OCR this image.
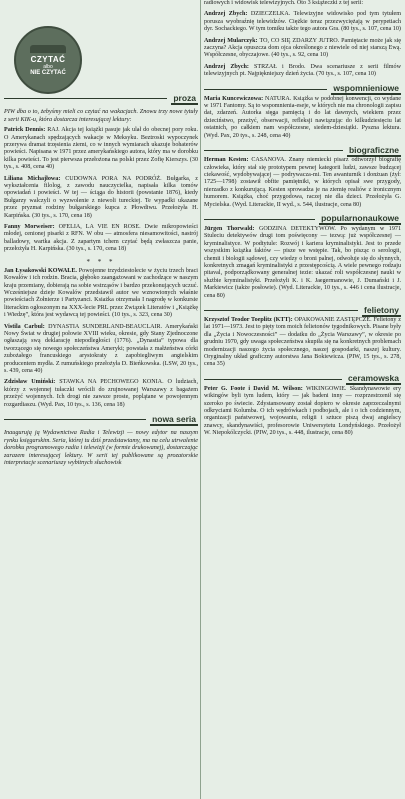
CZYTAĆ
albo
NIE CZYTAĆ
proza

PIW dba o to, żebyśmy mieli co czytać na wakacjach. Znowu trzy nowe tytuły z serii KIK-u, która dostarcza interesującej lektury:

Patrick Dennis: RAJ. Akcja tej książki pasuje jak ulał do obecnej pory roku. O Amerykanach spędzających wakacje w Meksyku. Beztroski wypoczynek przerywa dramat trzęsienia ziemi, co w innych wymiarach ukazuje bohaterów powieści. Napisana w 1971 przez amerykańskiego autora, który ma w dorobku kilka powieści. To jest pierwsza przełożona na polski przez Zofię Kierszys. (30 tys., s. 408, cena 40)

Liliana Michajłowa: CUDOWNA PORA NA PODRÓŻ. Bułgarka, z wykształcenia filolog, z zawodu nauczycielka, napisała kilka tomów opowiadań i powieści. W tej — ściąga do historii (powstanie 1876), kiedy Bułgarzy walczyli o wyzwolenie z niewoli tureckiej. Te wypadki ukazane przez pryzmat rodziny bułgarskiego kupca z Płowdiwu. Przełożyła H. Karpińska. (30 tys., s. 170, cena 18)

Fanny Morweiser: OFELIA, LA VIE EN ROSE. Dwie mikropowieści młodej, cenionej pisarki z RFN. W obu — atmosfera niesamowitości, nastrój balladowy, wartka akcja. Z zapartym tchem czytać będą zwłaszcza panie, przełożyła H. Karpińska. (30 tys., s. 170, cena 18)

* * *

Jan Łysakowski KOWALE. Powojenne trzydziestolecie w życiu trzech braci Kowalów i ich rodzin. Bracia, głęboko zaangażowani w zachodzące w naszym kraju przemiany, dobierają na sobie wstrząsów i bardzo przekonujących uczuć. Wcześniejsze dzieje Kowalów przedstawił autor we wznowionych właśnie powieściach Żołnierze i Partyzanci. Ksiażka otrzymała I nagrodę w konkursie literackim ogłoszonym na XXX-lecie PRL przez Związek Literatów i „Książkę i Wiedzę”, która jest wydawcą tej powieści. (10 tys., s. 323, cena 30)

Vistila Carbul: DYNASTIA SUNDERLAND-BEAUCLAIR. Amerykański Nowy Świat w drugiej połowie XVIII wieku, okresie, gdy Stany Zjednoczone ogłaszają swą deklarację niepodległości (1776). „Dynastia” typowa dla tworzącego się nowego społeczeństwa Ameryki; powstała z małżeństwa córki zubożałego francuskiego arystokraty z zapobiegliwym angielskim producentem mydła. Z rumuńskiego przełożyła D. Bieńkowska. (LSW, 20 tys., s. 439, cena 40)

Zdzisław Umiński: STAWKA NA PECHOWEGO KONIA. O ludziach, którzy z wojennej tułaczki wrócili do zrujnowanej Warszawy z bagażem przeżyć wojennych. Ich drogi nie zawsze proste, poplątane w powojennym rozgardiaszu. (Wyd. Pax, 10 tys., s. 136, cena 18)

nowa seria

Inaugurują ją Wydawnictwa Radia i Telewizji — nowy edytor na naszym rynku księgarskim. Seria, której tu dziś przedstawiamy, ma na celu utrwalenie dorobku programowego radia i telewizji (w formie drukowanej), dostarczając zarazem interesującej lektury. W serii tej publikowane są prozatorskie interpretacje scenariuszy wybitnych słuchowisk

radiowych i widowisk telewizyjnych. Oto 3 książeczki z tej serii:

Andrzej Zbych: DZIECZELKA. Telewizyjne widowisko pod tym tytułem porusza wyobraźnię telewidzów. Ciężkie teraz przezwyciężają w perypetiach dyr. Sochackiego. W tym tomiku także tego autora Gra. (80 tys., s. 107, cena 10)

Andrzej Mularczyk: TO, CO SIĘ ZDARZY JUTRO. Pamiętacie może jak się zaczyna? Akcja opuszcza dom ojca określonego z niewiele od niej starszą Ewą. Współczesne, obyczajowe. (40 tys., s. 92, cena 10)

Andrzej Zbych: STRZAŁ i Brodo. Dwa scenariusze z serii filmów telewizyjnych pt. Najpiękniejszy dzień życia. (70 tys., s. 107, cena 10)

wspomnieniowe

Maria Kuncewiczowa: NATURA. Książka w podobnej konwencji, co wydane w 1971 Fantomy. Są to wspomnienia-eseje, w których nie ma chronologii zapisu dat, zdarzeń. Autorka sięga pamięcią i do lat dawnych, wiekiem przez dzieciństwo, przeżyć, obserwacji, refleksji nawiązując do kilkudziesięciu lat ostatnich, po całkiem nam współczesne, siedem-dziesiątki. Pyszna lektura. (Wyd. Pax, 20 tys., s. 248, cena 40)

biograficzne

Herman Kesten: CASANOVA. Znany niemiecki pisarz odtworzył biografię człowieka, który stał się prototypem pewnej kategorii ludzi, zawsze budzącej ciekawość, wydobywającej — podrywacza-mi. Ten awanturnik i donżuan (żył: 1725—1798) zostawił obfite pamiętniki, w których opisał swe przygody, nierzadko z konkurującą. Kesten sprowadza je na ziemię realiów z ironicznym humorem. Książka, choć przygodowa, raczej nie dla dzieci. Przełożyła G. Mycielska. (Wyd. Literackie, II wyd., s. 544, ilustracje, cena 80)

popularnonaukowe

Jürgen Thorwald: GODZINA DETEKTYWÓW. Po wydanym w 1971 Stuleciu detektywów drugi tom poświęcony — tezwą: już współczesnej — kryminalistyce. W podtytule: Rozwój i kariera kryminalistyki. Jest to przede wszystkim książka faktów — pisze we wstępie. Tak, bo pisząc o serologii, chemii i biologii sądowej, czy wiedzy o broni palnej, odwołuje się do słynnych, konkretnych zmagań kryminalistyki z przestępcością. A wiele pewnego rodzaju pitaval, podporządkowany generalnej tezie: ukazać roli współczesnej nauki w służbie kryminalistyki. Przełożyli K. i K. Jaegermanowie, J. Dumański i J. Markiewicz (także posłowie). (Wyd. Literackie, 10 tys., s. 446 i cena ilustracje, cena 80)

felietony

Krzysztof Teodor Toeplitz (KTT): OPAKOWANIE ZASTĘPCZE. Felietony z lat 1971—1973. Jest to pięty tom moich felietonów tygodnikowych. Pisane były dla „Życia i Nowoczesności” — dodatku do „Życia Warszawy”, w okresie po grudniu 1970, gdy uwaga społeczeństwa skupiła się na konkretnych problemach modernizacji naszego życia społecznego, naszej gospodarki, naszej kultury. Oryginalny układ graficzny autorstwa Jana Bokiewicza. (PIW, 15 tys., s. 278, cena 35)

ceramowska

Peter G. Foote i David M. Wilson: WIKINGOWIE. Skandynawowie ery wikingów byli tym ludem, który — jak badeni inny — rozprzestrzenił się szeroko po świecie. Zdystansowany został dopiero w okresie zaprzeczalnymi odkryciami Kolumba. O ich wędrówkach i podbojach, ale i o ich codziennym, organizacji państwowej, wojowaniu, religii i sztuce piszą dwaj angielscy znawcy, skandynawiści, profesorowie Uniwersytetu Londyńskiego. Przełożył W. Niepokólczycki. (PIW, 20 tys., s. 448, ilustracje, cena 80)
